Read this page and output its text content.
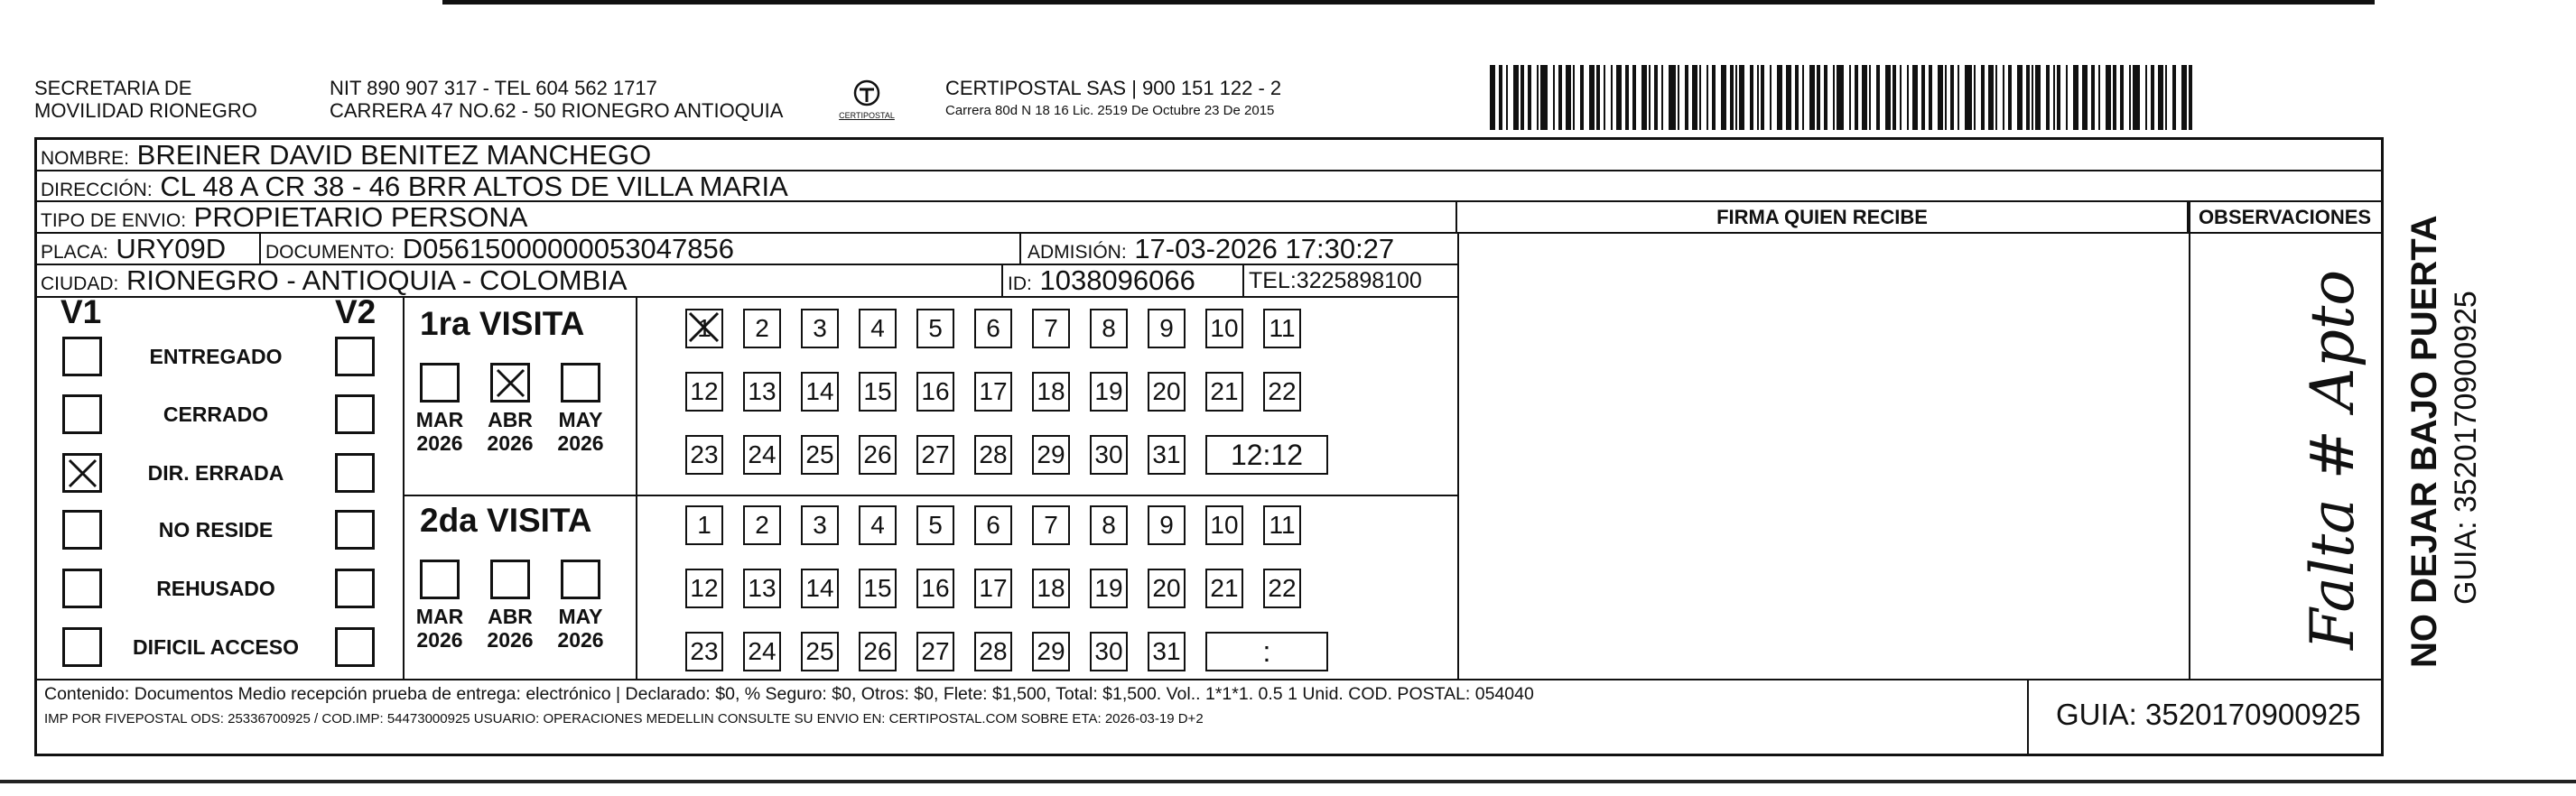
SECRETARIA DE
MOVILIDAD RIONEGRO
NIT 890 907 317 - TEL 604 562 1717
CARRERA 47 NO.62 - 50 RIONEGRO ANTIOQUIA	CERTIPOSTAL
CERTIPOSTAL SAS | 900 151 122 - 2
Carrera 80d N 18 16 Lic. 2519 De Octubre 23 De 2015
NOMBRE: BREINER DAVID BENITEZ MANCHEGO
DIRECCIÓN: CL 48 A CR 38 - 46 BRR ALTOS DE VILLA MARIA
TIPO DE ENVIO: PROPIETARIO PERSONA	FIRMA QUIEN RECIBE	OBSERVACIONES
PLACA: URY09D	DOCUMENTO: D05615000000053047856	ADMISIÓN: 17-03-2026 17:30:27
CIUDAD: RIONEGRO - ANTIOQUIA - COLOMBIA	ID: 1038096066 TEL:3225898100
V1	V2
ENTREGADO
CERRADO
DIR. ERRADA
NO RESIDE
REHUSADO
DIFICIL ACCESO
1ra VISITA
MAR
2026
ABR
2026
MAY
2026
1	2	3	4	5	6	7	8	9	10 11
12 13 14 15 16 17 18 19 20 21 22
23 24 25 26 27 28 29 30 31	12:12
2da VISITA
MAR
2026
ABR
2026
MAY
2026
1	2	3	4	5	6	7	8	9	10 11
12 13 14 15 16 17 18 19 20 21 22
23 24 25 26 27 28 29 30 31	:
Contenido: Documentos Medio recepción prueba de entrega: electrónico | Declarado: $0, % Seguro: $0, Otros: $0, Flete: $1,500, Total: $1,500. Vol.. 1*1*1. 0.5 1 Unid. COD. POSTAL: 054040
IMP POR FIVEPOSTAL ODS: 25336700925 / COD.IMP: 54473000925 USUARIO: OPERACIONES MEDELLIN CONSULTE SU ENVIO EN: CERTIPOSTAL.COM SOBRE ETA: 2026-03-19 D+2	GUIA: 3520170900925
Falta # Apto NO DEJAR BAJO PUERTA GUIA: 3520170900925
